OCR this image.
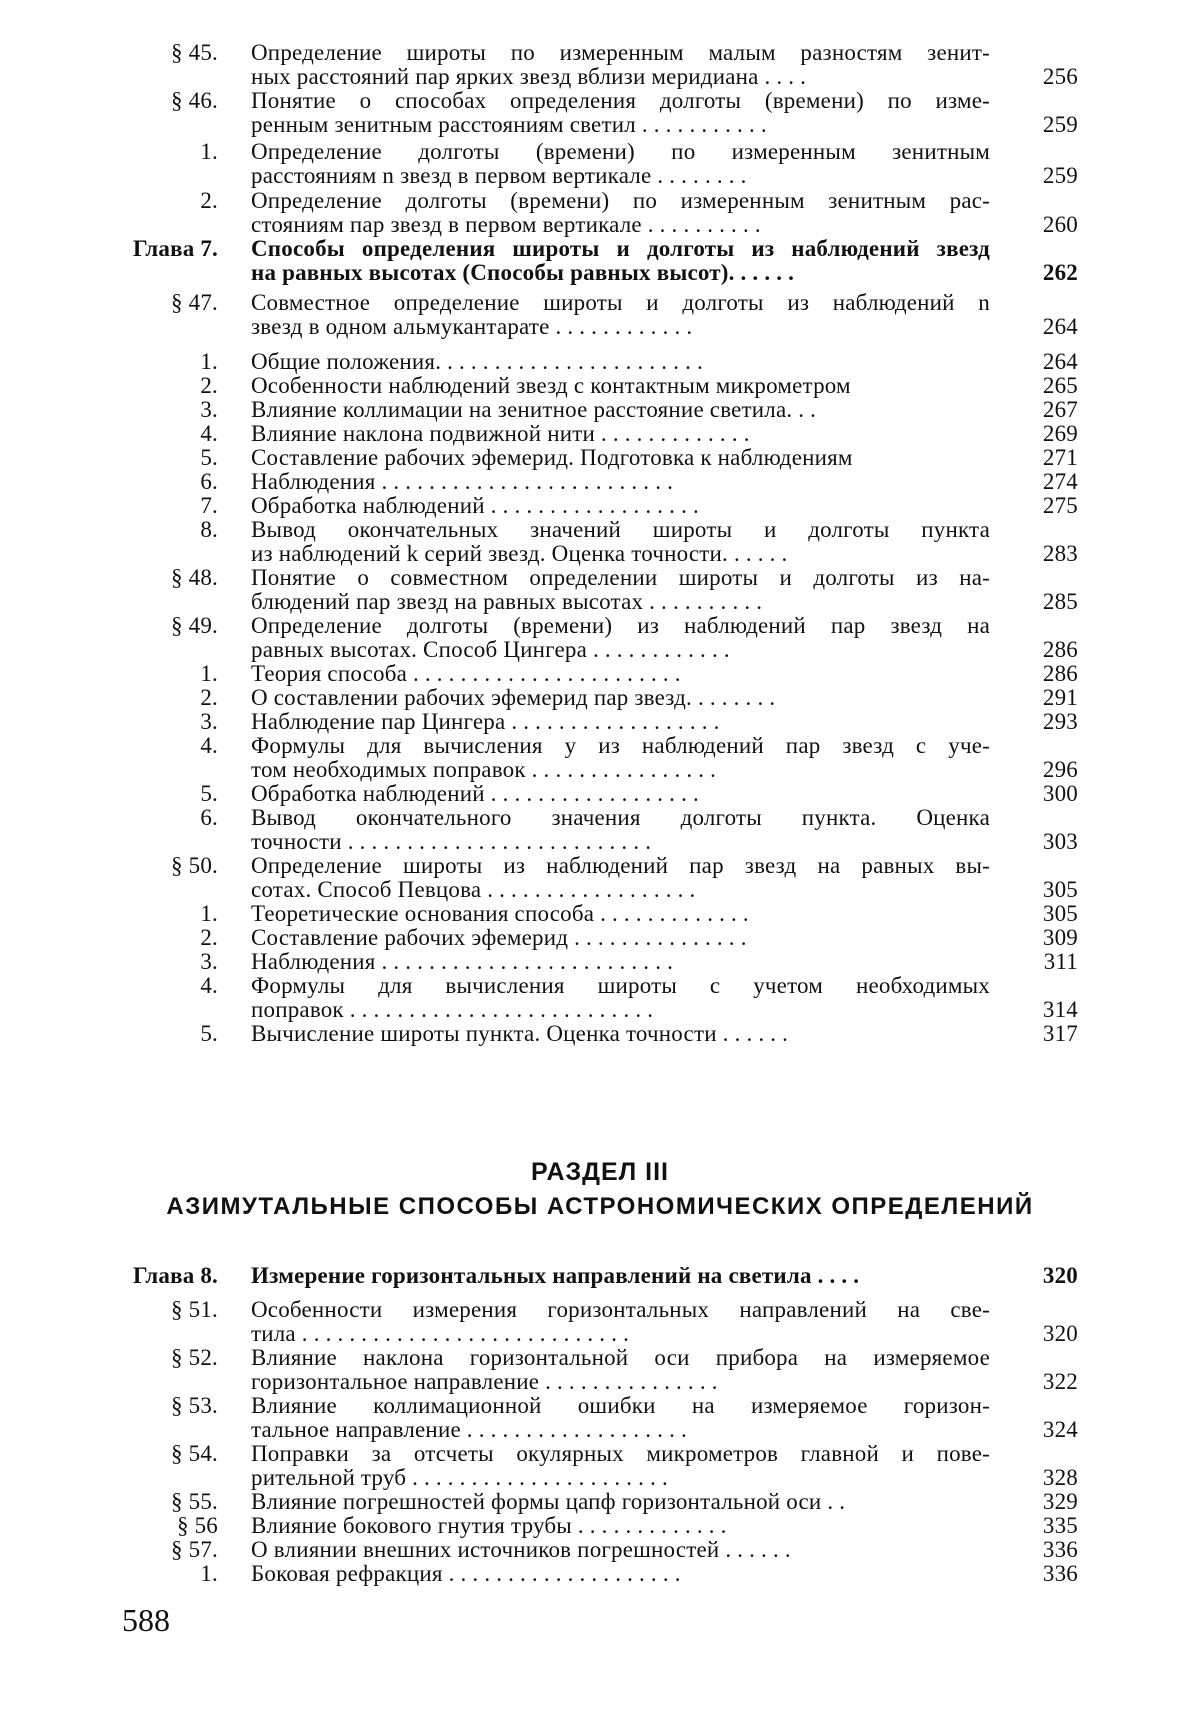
§ 45. Определение широты по измеренным малым разностям зенит-
ных расстояний пар ярких звезд вблизи меридиана . . . .	256
§ 46. Понятие о способах определения долготы (времени) по изме-
ренным зенитным расстояниям светил . . . . . . . . . . .	259
1. Определение долготы (времени) по измеренным зенитным
расстояниям n звезд в первом вертикале . . . . . . . .	259
2. Определение долготы (времени) по измеренным зенитным рас-
стояниям пар звезд в первом вертикале . . . . . . . . . .	260
Глава 7. Способы определения широты и долготы из наблюдений звезд
на равных высотах (Способы равных высот). . . . . .	262
§ 47. Совместное определение широты и долготы из наблюдений n
звезд в одном альмукантарате . . . . . . . . . . . .	264
1. Общие положения. . . . . . . . . . . . . . . . . . . . . . .	264
2. Особенности наблюдений звезд с контактным микрометром	265
3. Влияние коллимации на зенитное расстояние светила. . .	267
4. Влияние наклона подвижной нити . . . . . . . . . . . . .	269
5. Составление рабочих эфемерид. Подготовка к наблюдениям	271
6. Наблюдения . . . . . . . . . . . . . . . . . . . . . . . . .	274
7. Обработка наблюдений . . . . . . . . . . . . . . . . . .	275
8. Вывод окончательных значений широты и долготы пункта
из наблюдений k серий звезд. Оценка точности. . . . . .	283
§ 48. Понятие о совместном определении широты и долготы из на-
блюдений пар звезд на равных высотах . . . . . . . . . .	285
§ 49. Определение долготы (времени) из наблюдений пар звезд на
равных высотах. Способ Цингера . . . . . . . . . . . .	286
1. Теория способа . . . . . . . . . . . . . . . . . . . . . . .	286
2. О составлении рабочих эфемерид пар звезд. . . . . . . .	291
3. Наблюдение пар Цингера . . . . . . . . . . . . . . . . . .	293
4. Формулы для вычисления y из наблюдений пар звезд с уче-
том необходимых поправок . . . . . . . . . . . . . . . .	296
5. Обработка наблюдений . . . . . . . . . . . . . . . . . .	300
6. Вывод окончательного значения долготы пункта. Оценка
точности . . . . . . . . . . . . . . . . . . . . . . . . . .	303
§ 50. Определение широты из наблюдений пар звезд на равных вы-
сотах. Способ Певцова . . . . . . . . . . . . . . . . . .	305
1. Теоретические основания способа . . . . . . . . . . . . .	305
2. Составление рабочих эфемерид . . . . . . . . . . . . . . .	309
3. Наблюдения . . . . . . . . . . . . . . . . . . . . . . . . .	311
4. Формулы для вычисления широты с учетом необходимых
поправок . . . . . . . . . . . . . . . . . . . . . . . . . .	314
5. Вычисление широты пункта. Оценка точности . . . . . .	317
РАЗДЕЛ III
АЗИМУТАЛЬНЫЕ СПОСОБЫ АСТРОНОМИЧЕСКИХ ОПРЕДЕЛЕНИЙ
Глава 8. Измерение горизонтальных направлений на светила . . . .	320
§ 51. Особенности измерения горизонтальных направлений на све-
тила . . . . . . . . . . . . . . . . . . . . . . . . . . . .	320
§ 52. Влияние наклона горизонтальной оси прибора на измеряемое
горизонтальное направление . . . . . . . . . . . . . . .	322
§ 53. Влияние коллимационной ошибки на измеряемое горизон-
тальное направление . . . . . . . . . . . . . . . . . . .	324
§ 54. Поправки за отсчеты окулярных микрометров главной и пове-
рительной труб . . . . . . . . . . . . . . . . . . . . . .	328
§ 55. Влияние погрешностей формы цапф горизонтальной оси . .	329
§ 56 Влияние бокового гнутия трубы . . . . . . . . . . . . .	335
§ 57. О влиянии внешних источников погрешностей . . . . . .	336
1. Боковая рефракция . . . . . . . . . . . . . . . . . . . .	336
588
